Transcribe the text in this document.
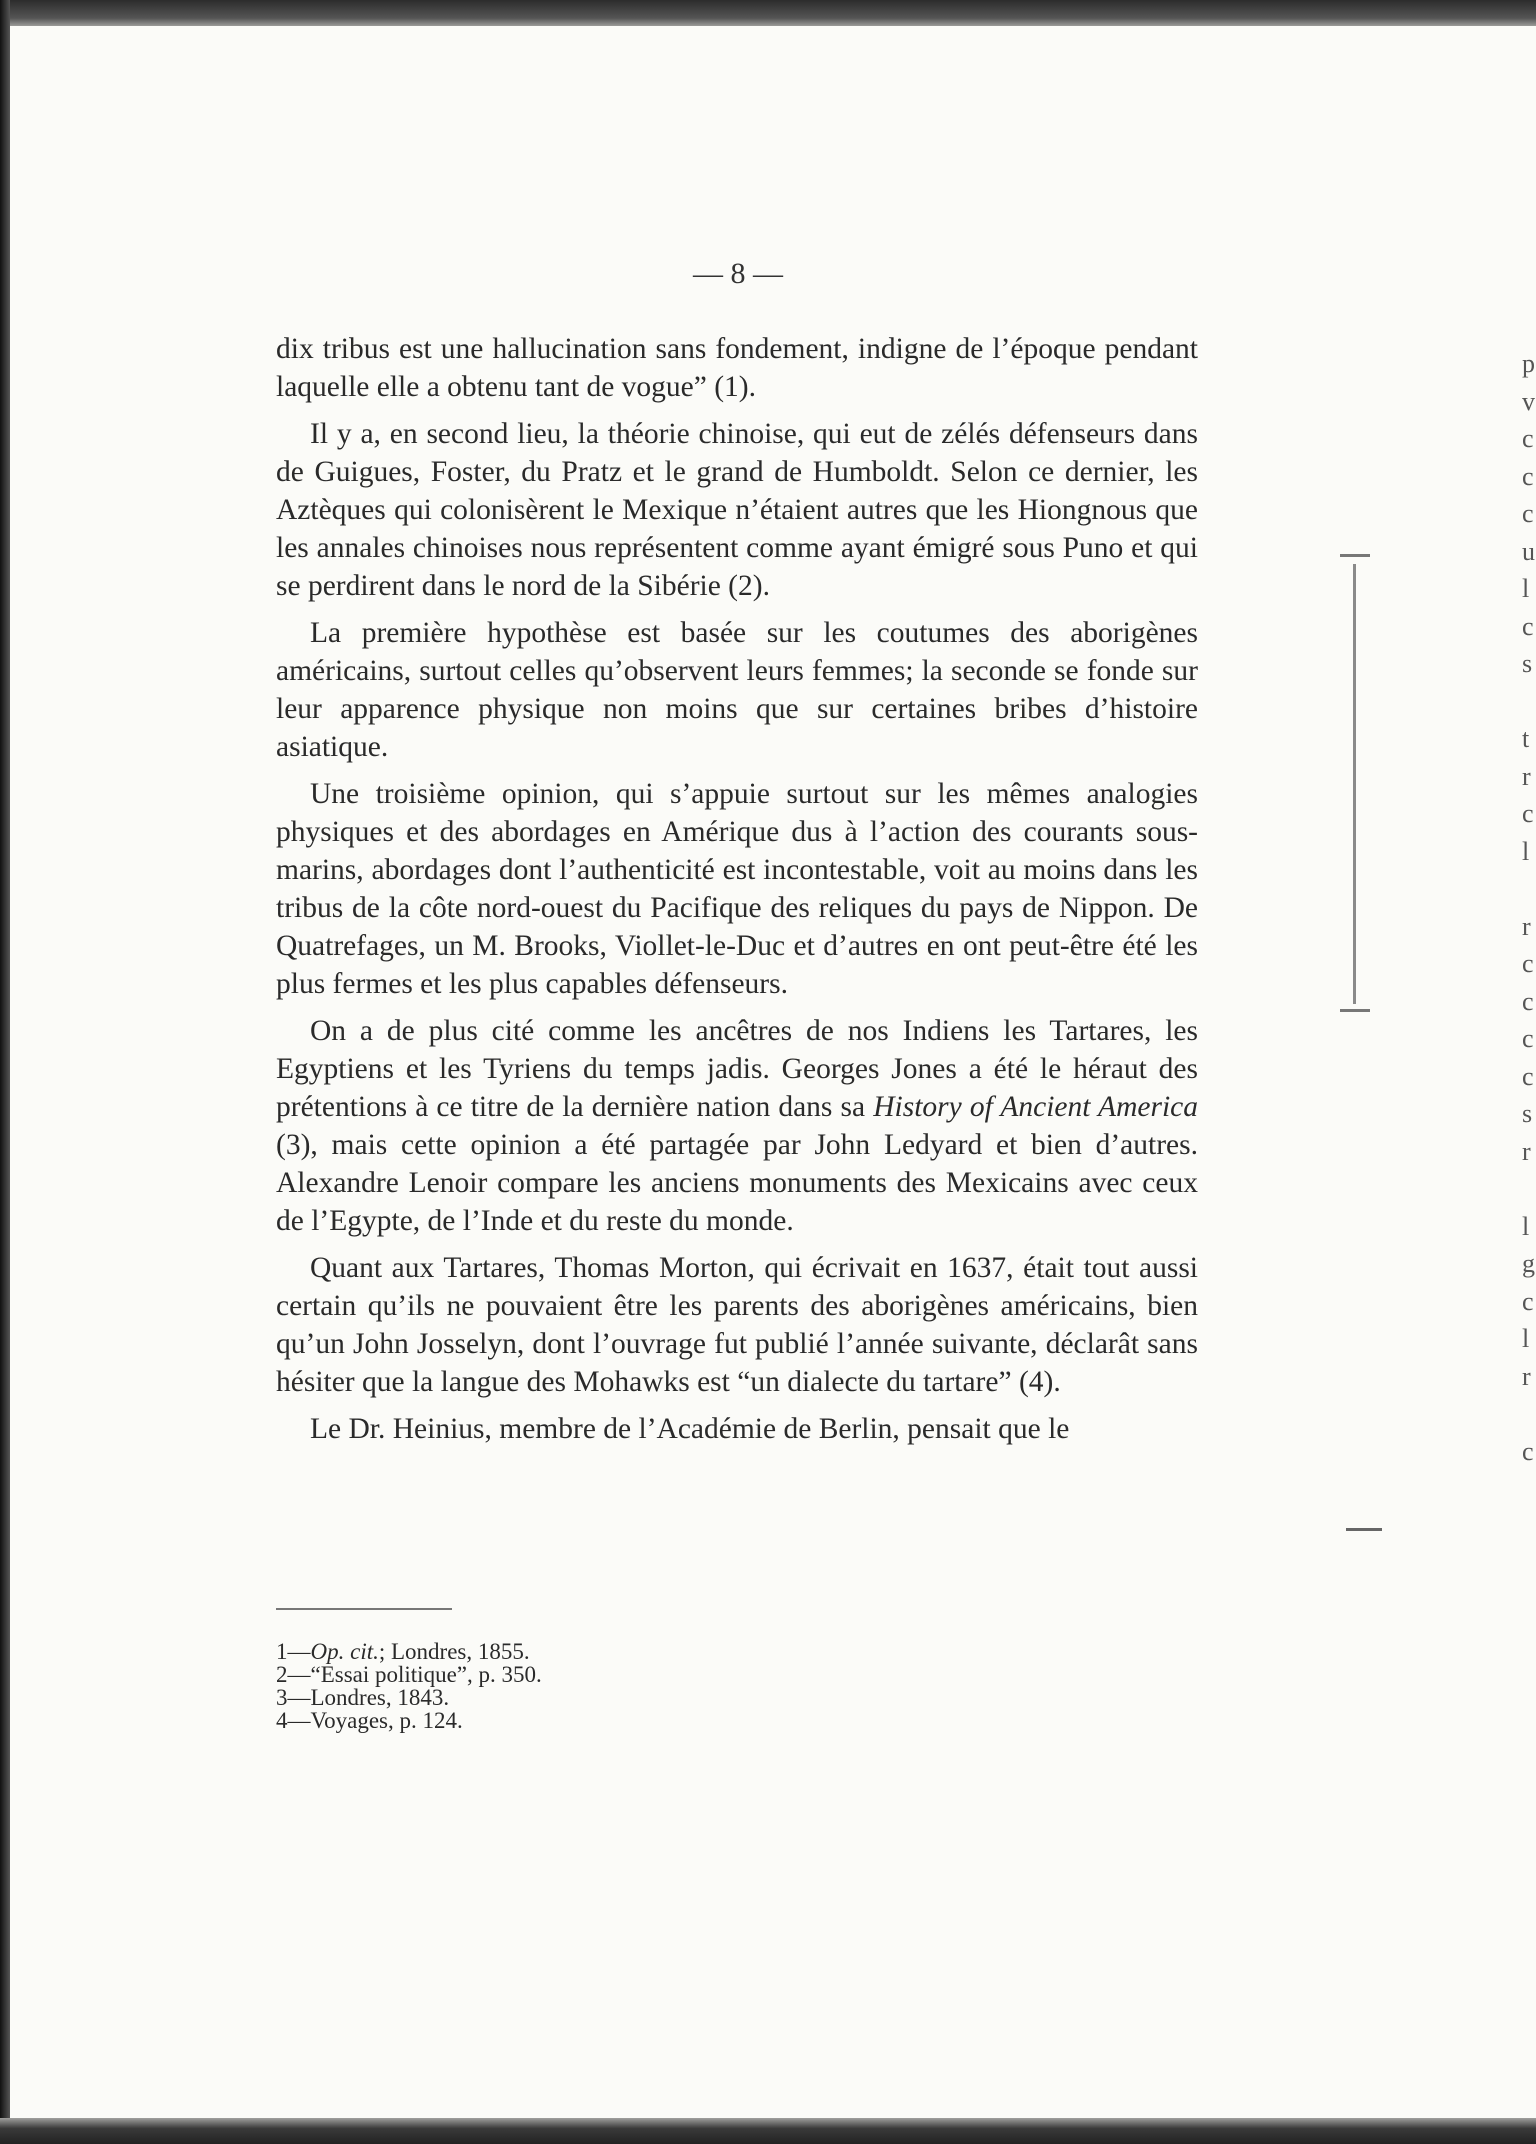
— 8 —

dix tribus est une hallucination sans fondement, indigne de l’époque pendant laquelle elle a obtenu tant de vogue” (1).

Il y a, en second lieu, la théorie chinoise, qui eut de zélés défenseurs dans de Guigues, Foster, du Pratz et le grand de Humboldt. Selon ce dernier, les Aztèques qui colonisèrent le Mexique n’étaient autres que les Hiongnous que les annales chinoises nous représentent comme ayant émigré sous Puno et qui se perdirent dans le nord de la Sibérie (2).

La première hypothèse est basée sur les coutumes des aborigènes américains, surtout celles qu’observent leurs femmes; la seconde se fonde sur leur apparence physique non moins que sur certaines bribes d’histoire asiatique.

Une troisième opinion, qui s’appuie surtout sur les mêmes analogies physiques et des abordages en Amérique dus à l’action des courants sous-marins, abordages dont l’authenticité est incontestable, voit au moins dans les tribus de la côte nord-ouest du Pacifique des reliques du pays de Nippon. De Quatrefages, un M. Brooks, Viollet-le-Duc et d’autres en ont peut-être été les plus fermes et les plus capables défenseurs.

On a de plus cité comme les ancêtres de nos Indiens les Tartares, les Egyptiens et les Tyriens du temps jadis. Georges Jones a été le héraut des prétentions à ce titre de la dernière nation dans sa History of Ancient America (3), mais cette opinion a été partagée par John Ledyard et bien d’autres. Alexandre Lenoir compare les anciens monuments des Mexicains avec ceux de l’Egypte, de l’Inde et du reste du monde.

Quant aux Tartares, Thomas Morton, qui écrivait en 1637, était tout aussi certain qu’ils ne pouvaient être les parents des aborigènes américains, bien qu’un John Josselyn, dont l’ouvrage fut publié l’année suivante, déclarât sans hésiter que la langue des Mohawks est “un dialecte du tartare” (4).

Le Dr. Heinius, membre de l’Académie de Berlin, pensait que le

1—Op. cit.; Londres, 1855.
2—“Essai politique”, p. 350.
3—Londres, 1843.
4—Voyages, p. 124.
p
v
c
c
c
u
l
c
s
t
r
c
l
r
c
c
c
c
s
r
l
g
c
l
r
c
